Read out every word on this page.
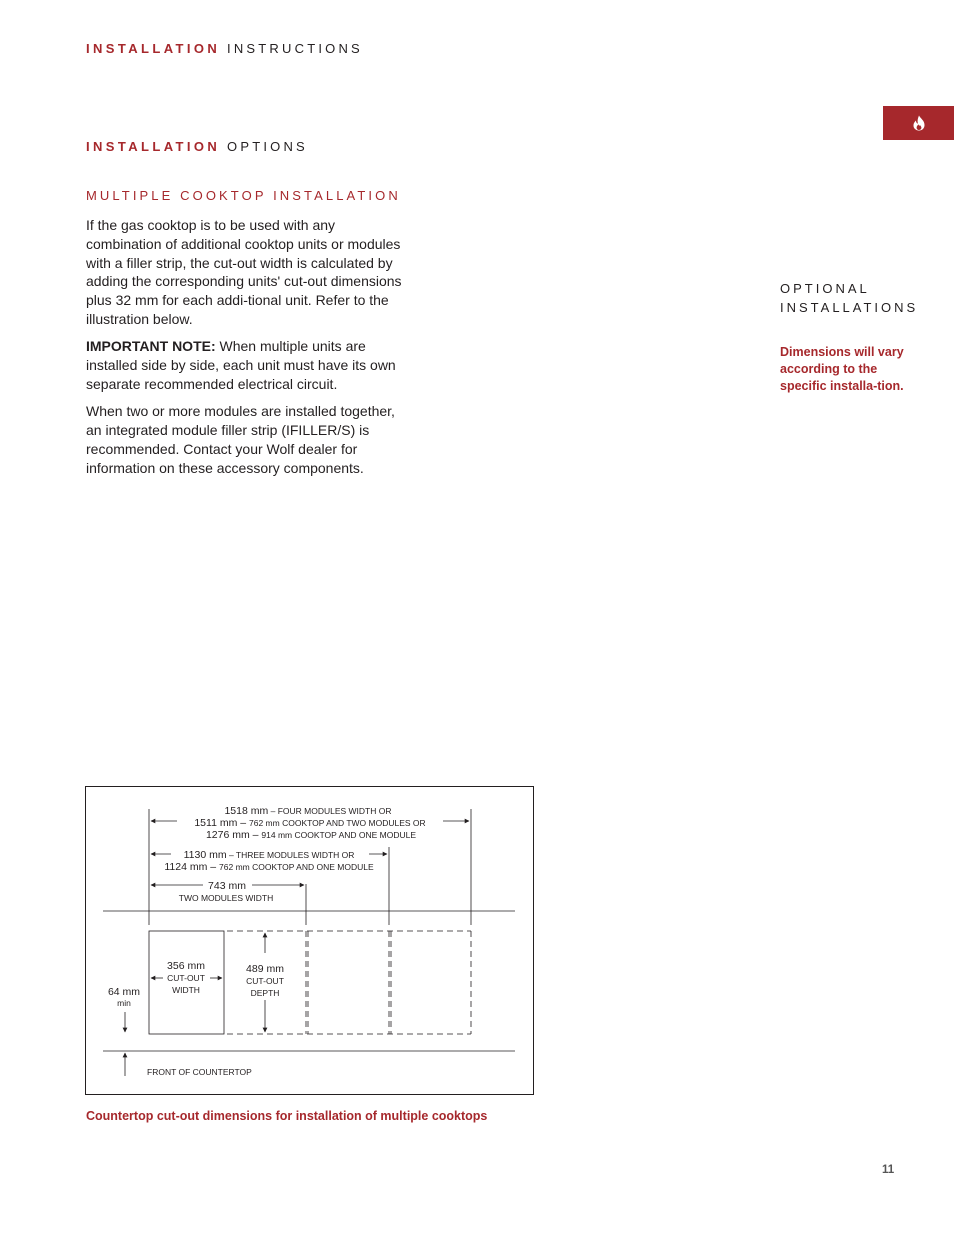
INSTALLATION INSTRUCTIONS
INSTALLATION OPTIONS
MULTIPLE COOKTOP INSTALLATION

If the gas cooktop is to be used with any combination of additional cooktop units or modules with a filler strip, the cut-out width is calculated by adding the corresponding units' cut-out dimensions plus 32 mm for each addi-tional unit. Refer to the illustration below.

IMPORTANT NOTE: When multiple units are installed side by side, each unit must have its own separate recommended electrical circuit.

When two or more modules are installed together, an integrated module filler strip (IFILLER/S) is recommended. Contact your Wolf dealer for information on these accessory components.

OPTIONAL
INSTALLATIONS
Dimensions will vary according to the specific installa-tion.
1518 mm – FOUR MODULES WIDTH OR
1511 mm – 762 mm COOKTOP AND TWO MODULES OR
1276 mm – 914 mm COOKTOP AND ONE MODULE
1130 mm – THREE MODULES WIDTH OR
1124 mm – 762 mm COOKTOP AND ONE MODULE
743 mm
TWO MODULES WIDTH
356 mm
CUT-OUT
WIDTH
489 mm
CUT-OUT
DEPTH
64 mm
min
FRONT OF COUNTERTOP
Countertop cut-out dimensions for installation of multiple cooktops
11
